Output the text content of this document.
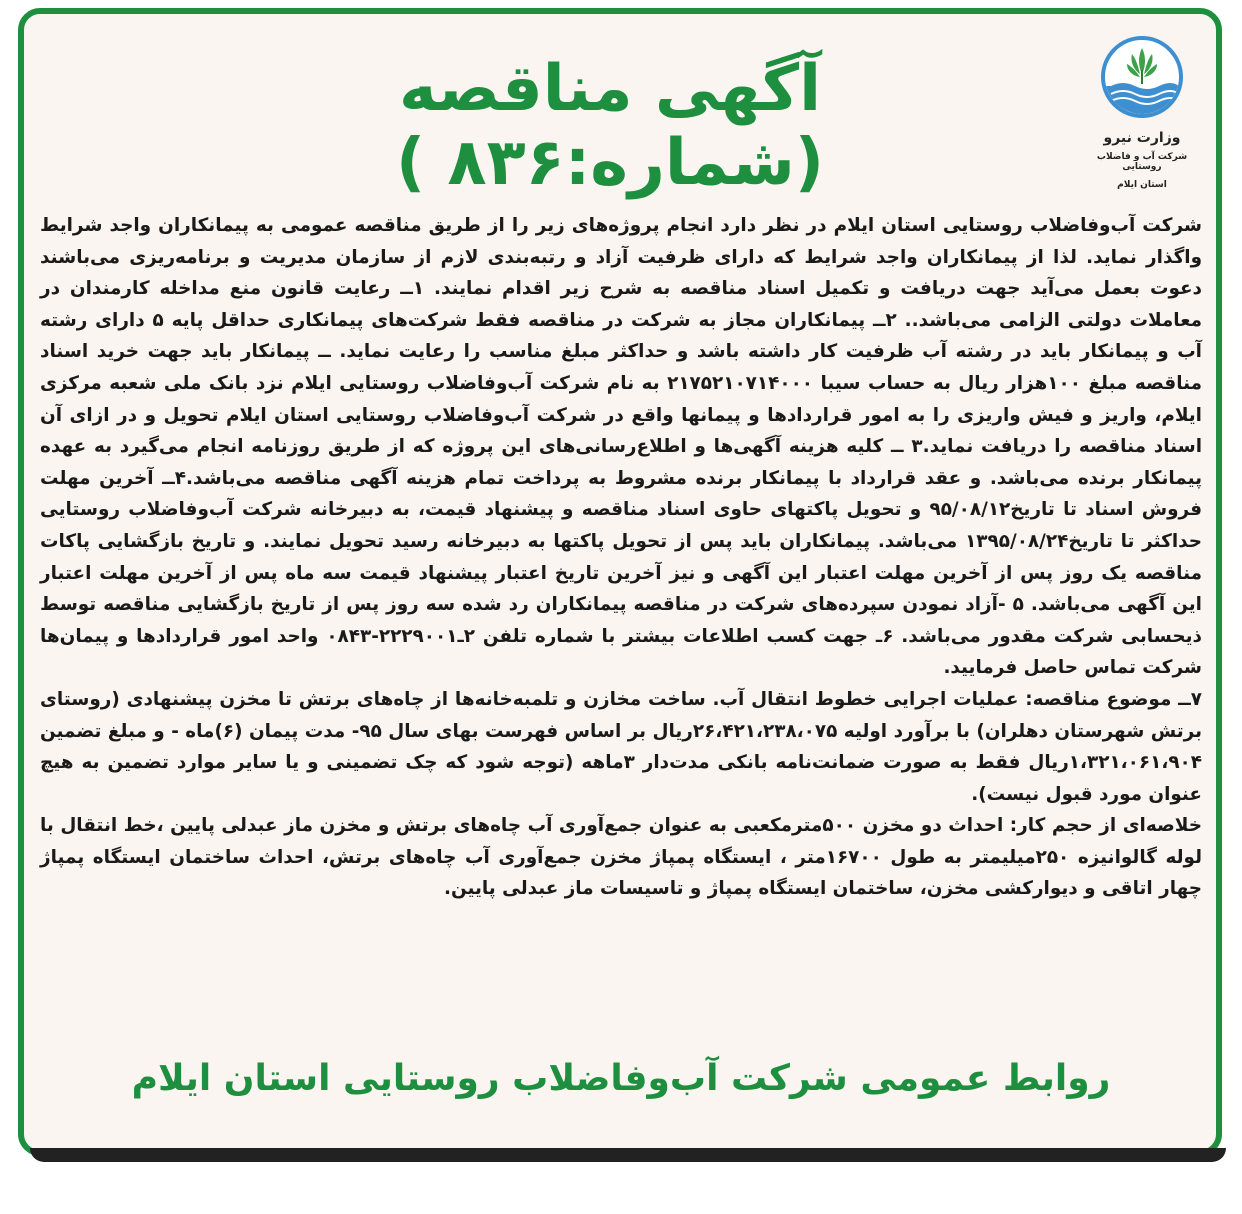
وزارت نیرو
شرکت آب و فاضلاب روستایی
استان ایلام
آگهی مناقصه (شماره:۸۳۶ )

شرکت آب‌وفاضلاب روستایی استان ایلام در نظر دارد انجام پروژه‌های زیر را از طریق مناقصه عمومی به پیمانکاران واجد شرایط واگذار نماید. لذا از پیمانکاران واجد شرایط که دارای ظرفیت آزاد و رتبه‌بندی لازم از سازمان مدیریت و برنامه‌ریزی می‌باشند دعوت بعمل می‌آید جهت دریافت و تکمیل اسناد مناقصه به شرح زیر اقدام نمایند. ۱ــ رعایت قانون منع مداخله کارمندان در معاملات دولتی الزامی می‌باشد.. ۲ــ پیمانکاران مجاز به شرکت در مناقصه فقط شرکت‌های پیمانکاری حداقل پایه ۵ دارای رشته آب و پیمانکار باید در رشته آب ظرفیت کار داشته باشد و حداکثر مبلغ مناسب را رعایت نماید. ــ پیمانکار باید جهت خرید اسناد مناقصه مبلغ ۱۰۰هزار ریال به حساب سیبا ۲۱۷۵۲۱۰۷۱۴۰۰۰ به نام شرکت آب‌وفاضلاب روستایی ایلام نزد بانک ملی شعبه مرکزی ایلام، واریز و فیش واریزی را به امور قراردادها و پیمانها واقع در شرکت آب‌وفاضلاب روستایی استان ایلام تحویل و در ازای آن اسناد مناقصه را دریافت نماید.۳ ــ کلیه هزینه آگهی‌ها و اطلاع‌رسانی‌های این پروژه که از طریق روزنامه انجام می‌گیرد به عهده پیمانکار برنده می‌باشد. و عقد قرارداد با پیمانکار برنده مشروط به پرداخت تمام هزینه آگهی مناقصه می‌باشد.۴ــ آخرین مهلت فروش اسناد تا تاریخ۹۵/۰۸/۱۲ و تحویل پاکتهای حاوی اسناد مناقصه و پیشنهاد قیمت، به دبیرخانه شرکت آب‌وفاضلاب روستایی حداکثر تا تاریخ۱۳۹۵/۰۸/۲۴ می‌باشد. پیمانکاران باید پس از تحویل پاکتها به دبیرخانه رسید تحویل نمایند. و تاریخ بازگشایی پاکات مناقصه یک روز پس از آخرین مهلت اعتبار این آگهی و نیز آخرین تاریخ اعتبار پیشنهاد قیمت سه ماه پس از آخرین مهلت اعتبار این آگهی می‌باشد. ۵ -آزاد نمودن سپرده‌های شرکت در مناقصه پیمانکاران رد شده سه روز پس از تاریخ بازگشایی مناقصه توسط ذیحسابی شرکت مقدور می‌باشد. ۶ـ جهت کسب اطلاعات بیشتر با شماره تلفن ۲ـ۲۲۲۹۰۰۱-۰۸۴۳ واحد امور قراردادها و پیمان‌ها شرکت تماس حاصل فرمایید.

۷ــ موضوع مناقصه: عملیات اجرایی خطوط انتقال آب. ساخت مخازن و تلمبه‌خانه‌ها از چاه‌های برتش تا مخزن پیشنهادی (روستای برتش شهرستان دهلران) با برآورد اولیه ۲۶،۴۲۱،۲۳۸،۰۷۵ریال بر اساس فهرست بهای سال ۹۵- مدت پیمان (۶)ماه - و مبلغ تضمین ۱،۳۲۱،۰۶۱،۹۰۴ریال فقط به صورت ضمانت‌نامه بانکی مدت‌دار ۳ماهه (توجه شود که چک تضمینی و یا سایر موارد تضمین به هیچ عنوان مورد قبول نیست).

خلاصه‌ای از حجم کار: احداث دو مخزن ۵۰۰مترمکعبی به عنوان جمع‌آوری آب چاه‌های برتش و مخزن ماز عبدلی پایین ،خط انتقال با لوله گالوانیزه ۲۵۰میلیمتر به طول ۱۶۷۰۰متر ، ایستگاه پمپاژ مخزن جمع‌آوری آب چاه‌های برتش، احداث ساختمان ایستگاه پمپاژ چهار اتاقی و دیوارکشی مخزن، ساختمان ایستگاه پمپاژ و تاسیسات ماز عبدلی پایین.

روابط عمومی شرکت آب‌وفاضلاب روستایی استان ایلام
